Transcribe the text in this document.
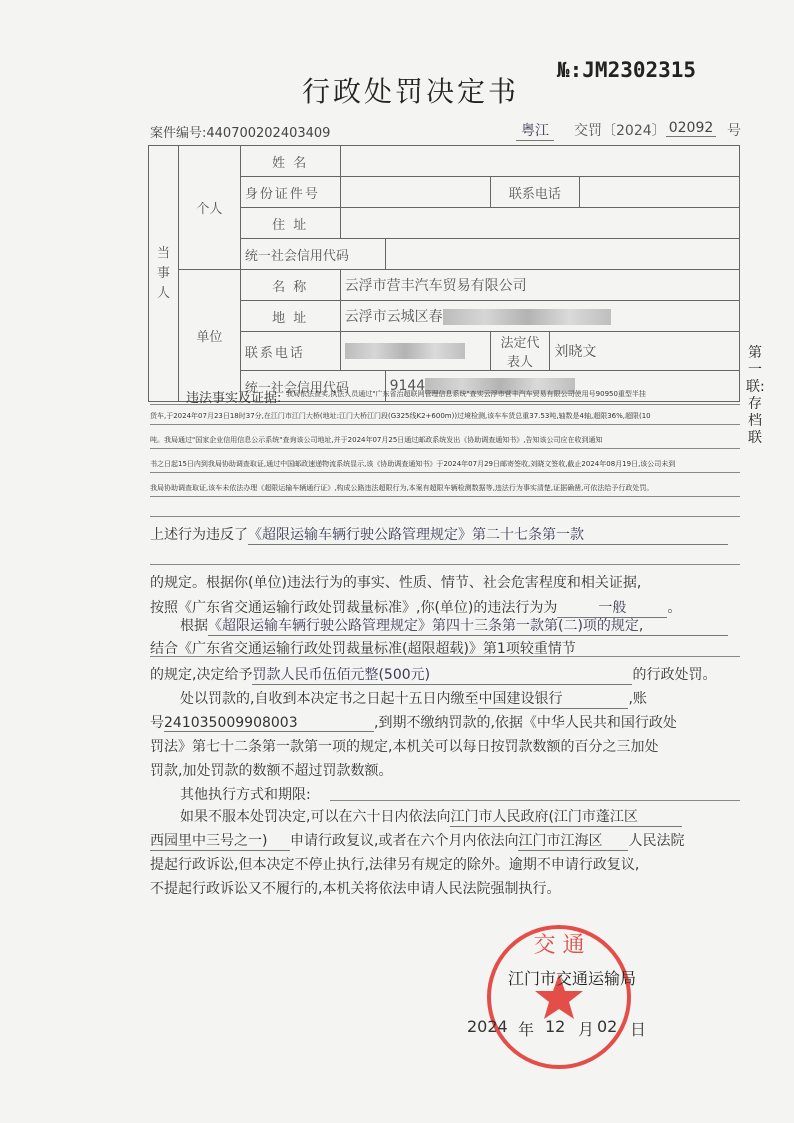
行政处罚决定书
№:JM2302315
案件编号:440700202403409	粤江	交罚〔2024〕 02092 号
当事人	个人	姓 名					
		身份证件号			联系电话		
		住 址					
		统一社会信用代码					
	单位	名 称	云浮市营丰汽车贸易有限公司				
		地 址	云浮市云城区春				
		联系电话			法定代表人	刘晓文	
		统一社会信用代码		9144			
第一联:存档联
违法事实及证据: 我局依法查实,执法人员通过"广东省治超联网管理信息系统"查实云浮市营丰汽车贸易有限公司使用号90950重型半挂
货车,于2024年07月23日18时37分,在江门市江门大桥(地址:江门大桥江门段(G325线K2+600m))过境检测,该车车货总重37.53吨,轴数是4轴,超限36%,超限(10
吨。我局通过"国家企业信用信息公示系统"查询该公司地址,并于2024年07月25日通过邮政系统发出《协助调查通知书》,告知该公司应在收到通知
书之日起15日内到我局协助调查取证,通过中国邮政速递物流系统显示,该《协助调查通知书》于2024年07月29日邮寄签收,刘晓文签收,截止2024年08月19日,该公司未到
我局协助调查取证,该车未依法办理《超限运输车辆通行证》,构成公路违法超限行为,本案有超限车辆检测数据等,违法行为事实清楚,证据确凿,可依法给予行政处罚。
上述行为违反了《超限运输车辆行驶公路管理规定》第二十七条第一款
的规定。根据你(单位)违法行为的事实、性质、情节、社会危害程度和相关证据,
按照《广东省交通运输行政处罚裁量标准》,你(单位)的违法行为为	一般	。
根据《超限运输车辆行驶公路管理规定》第四十三条第一款第(二)项的规定,
结合《广东省交通运输行政处罚裁量标准(超限超载)》第1项较重情节
的规定,决定给予罚款人民币伍佰元整(500元)	的行政处罚。
处以罚款的,自收到本决定书之日起十五日内缴至中国建设银行	,账
号241035009908003	,到期不缴纳罚款的,依据《中华人民共和国行政处
罚法》第七十二条第一款第一项的规定,本机关可以每日按罚款数额的百分之三加处
罚款,加处罚款的数额不超过罚款数额。
其他执行方式和期限:
如果不服本处罚决定,可以在六十日内依法向江门市人民政府(江门市蓬江区
西园里中三号之一) 申请行政复议,或者在六个月内依法向江门市江海区 人民法院
提起行政诉讼,但本决定不停止执行,法律另有规定的除外。逾期不申请行政复议,
不提起行政诉讼又不履行的,本机关将依法申请人民法院强制执行。
交 通
江门市交通运输局
2024 年 12 月 02 日
